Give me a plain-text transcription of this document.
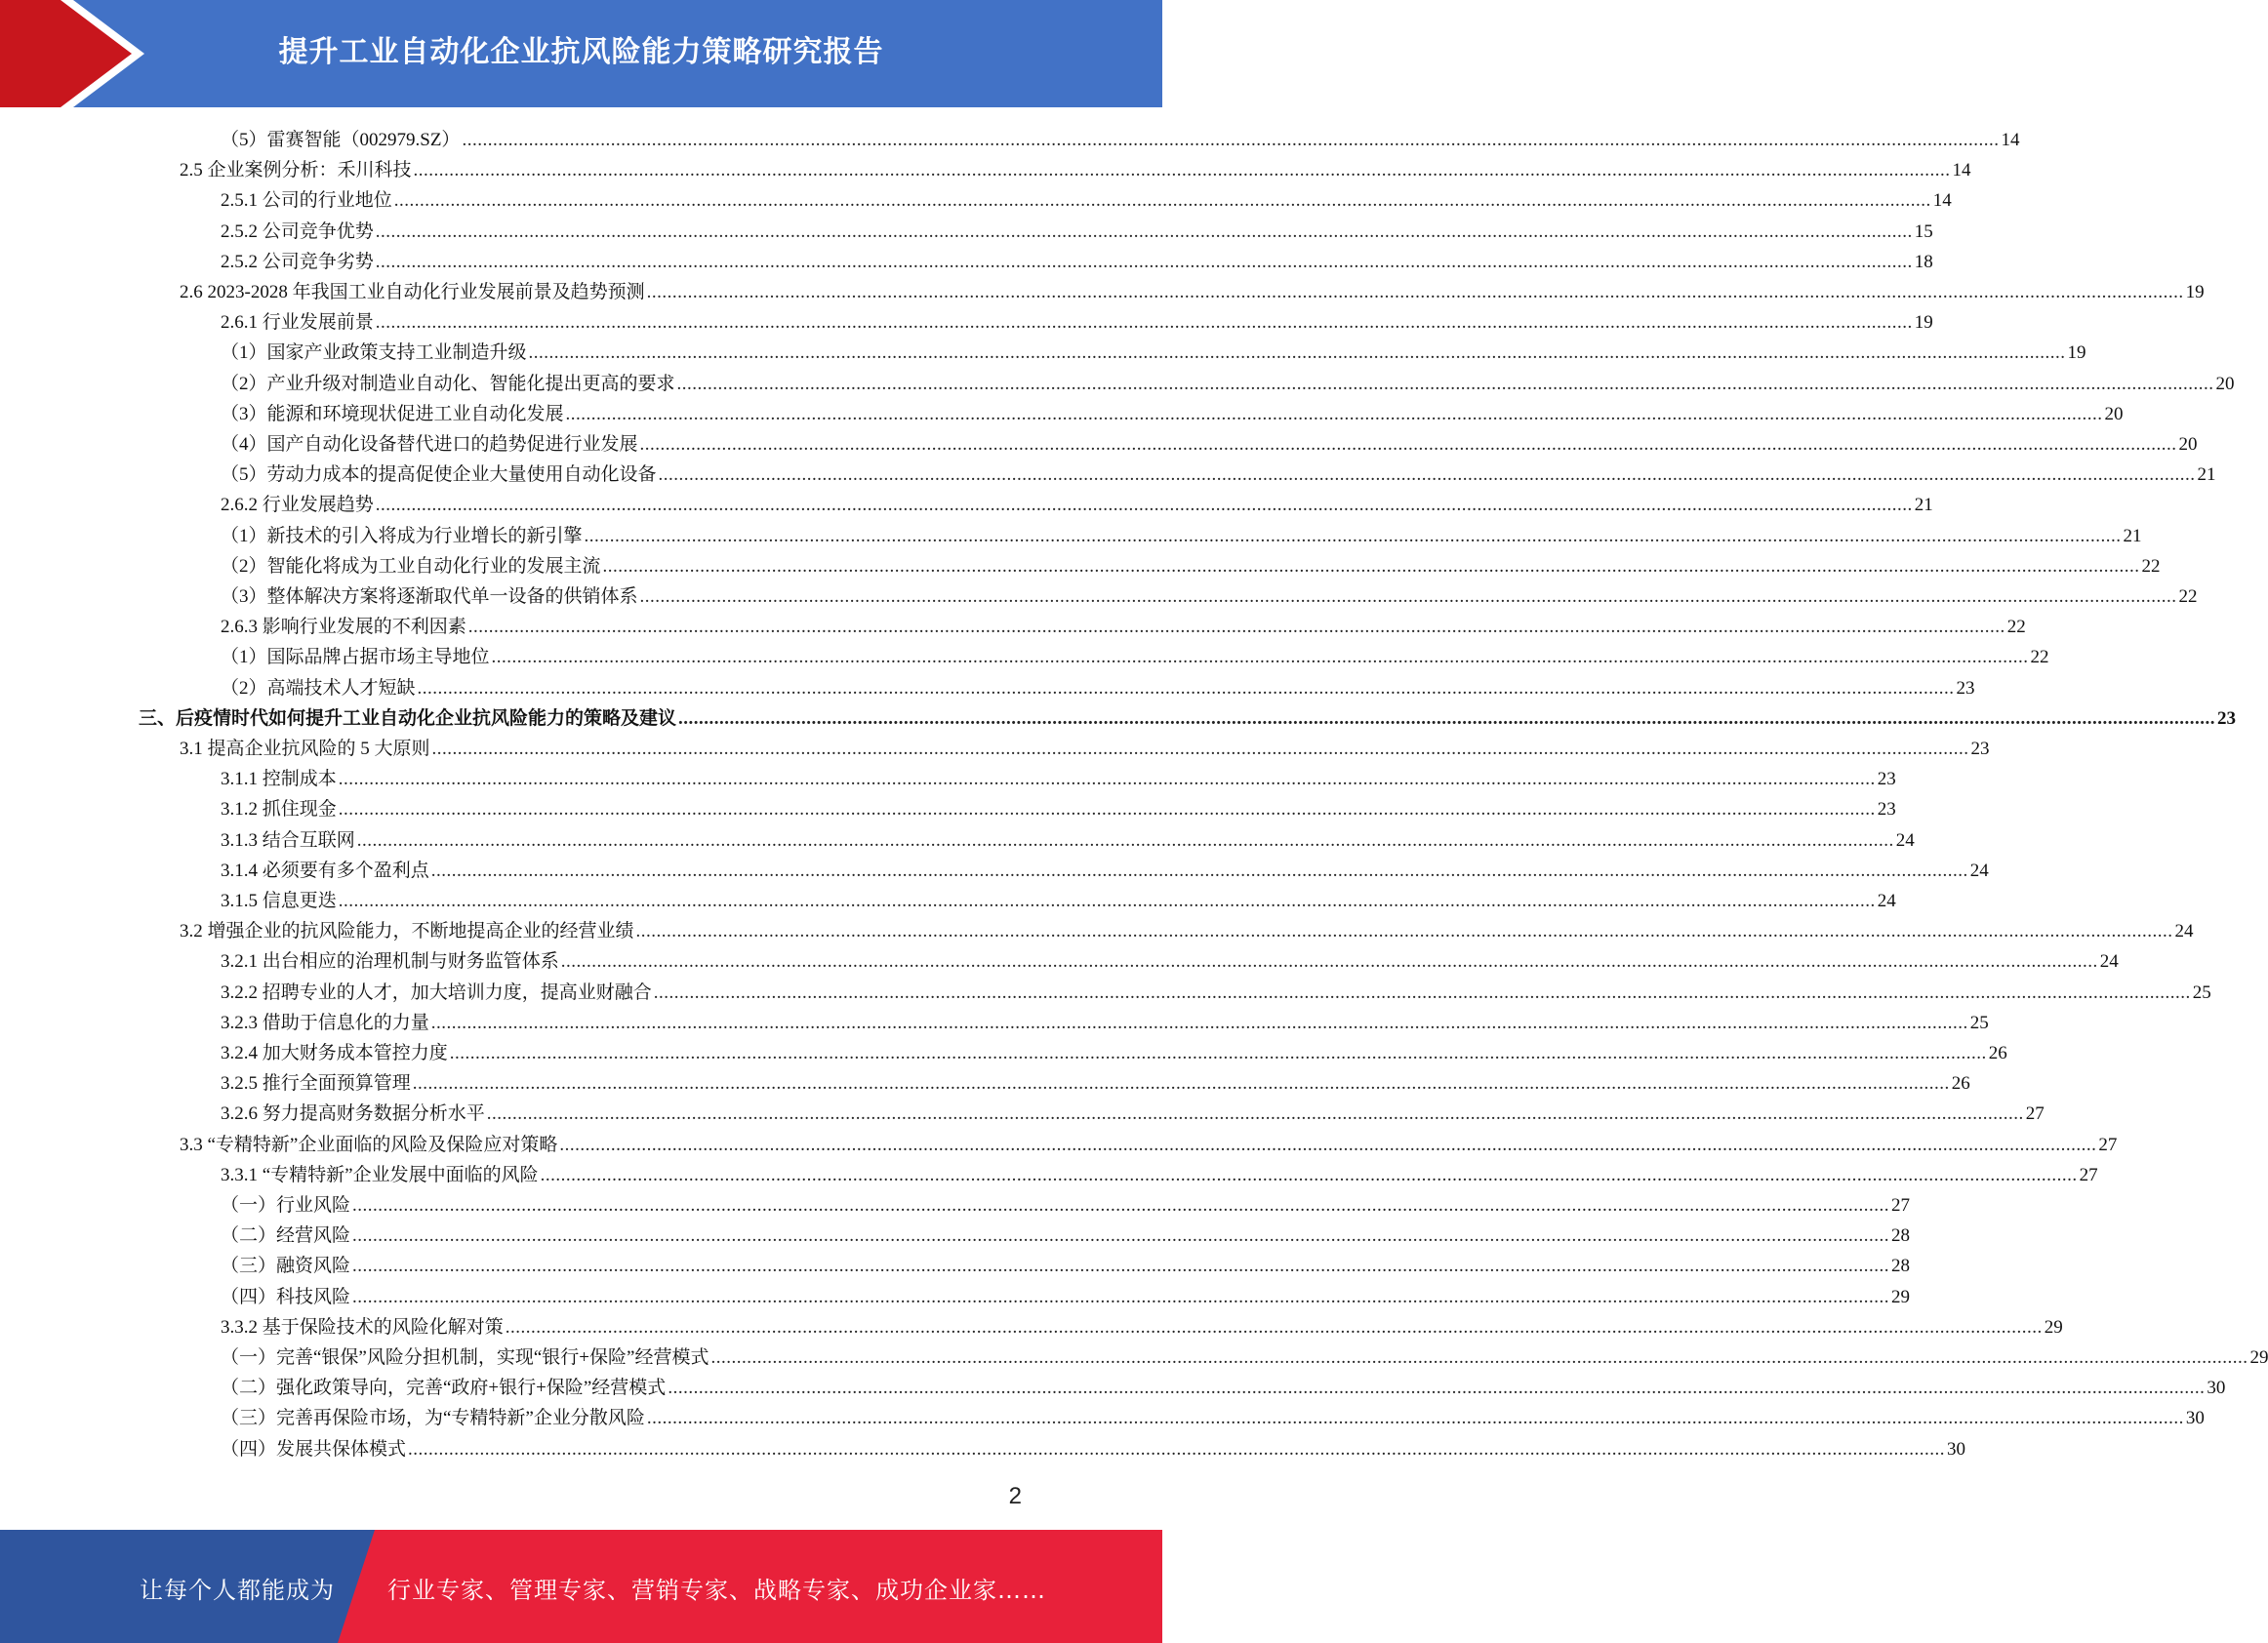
提升工业自动化企业抗风险能力策略研究报告
（5）雷赛智能（002979.SZ） ............................................................................................................................................................................................................................................................................................................ 14
2.5 企业案例分析：禾川科技 ............................................................................................................................................................................................................................................................................................................ 14
2.5.1 公司的行业地位 ............................................................................................................................................................................................................................................................................................................ 14
2.5.2 公司竞争优势 ............................................................................................................................................................................................................................................................................................................ 15
2.5.2 公司竞争劣势 ............................................................................................................................................................................................................................................................................................................ 18
2.6 2023-2028 年我国工业自动化行业发展前景及趋势预测 ............................................................................................................................................................................................................................................................................................................ 19
2.6.1 行业发展前景 ............................................................................................................................................................................................................................................................................................................ 19
（1）国家产业政策支持工业制造升级 ............................................................................................................................................................................................................................................................................................................ 19
（2）产业升级对制造业自动化、智能化提出更高的要求 ............................................................................................................................................................................................................................................................................................................ 20
（3）能源和环境现状促进工业自动化发展 ............................................................................................................................................................................................................................................................................................................ 20
（4）国产自动化设备替代进口的趋势促进行业发展 ............................................................................................................................................................................................................................................................................................................ 20
（5）劳动力成本的提高促使企业大量使用自动化设备 ............................................................................................................................................................................................................................................................................................................ 21
2.6.2 行业发展趋势 ............................................................................................................................................................................................................................................................................................................ 21
（1）新技术的引入将成为行业增长的新引擎 ............................................................................................................................................................................................................................................................................................................ 21
（2）智能化将成为工业自动化行业的发展主流 ............................................................................................................................................................................................................................................................................................................ 22
（3）整体解决方案将逐渐取代单一设备的供销体系 ............................................................................................................................................................................................................................................................................................................ 22
2.6.3 影响行业发展的不利因素 ............................................................................................................................................................................................................................................................................................................ 22
（1）国际品牌占据市场主导地位 ............................................................................................................................................................................................................................................................................................................ 22
（2）高端技术人才短缺 ............................................................................................................................................................................................................................................................................................................ 23
三、后疫情时代如何提升工业自动化企业抗风险能力的策略及建议 ............................................................................................................................................................................................................................................................................................................ 23
3.1 提高企业抗风险的 5 大原则 ............................................................................................................................................................................................................................................................................................................ 23
3.1.1 控制成本 ............................................................................................................................................................................................................................................................................................................ 23
3.1.2 抓住现金 ............................................................................................................................................................................................................................................................................................................ 23
3.1.3 结合互联网 ............................................................................................................................................................................................................................................................................................................ 24
3.1.4 必须要有多个盈利点 ............................................................................................................................................................................................................................................................................................................ 24
3.1.5 信息更迭 ............................................................................................................................................................................................................................................................................................................ 24
3.2 增强企业的抗风险能力，不断地提高企业的经营业绩 ............................................................................................................................................................................................................................................................................................................ 24
3.2.1 出台相应的治理机制与财务监管体系 ............................................................................................................................................................................................................................................................................................................ 24
3.2.2 招聘专业的人才，加大培训力度，提高业财融合 ............................................................................................................................................................................................................................................................................................................ 25
3.2.3 借助于信息化的力量 ............................................................................................................................................................................................................................................................................................................ 25
3.2.4 加大财务成本管控力度 ............................................................................................................................................................................................................................................................................................................ 26
3.2.5 推行全面预算管理 ............................................................................................................................................................................................................................................................................................................ 26
3.2.6 努力提高财务数据分析水平 ............................................................................................................................................................................................................................................................................................................ 27
3.3 “专精特新”企业面临的风险及保险应对策略 ............................................................................................................................................................................................................................................................................................................ 27
3.3.1 “专精特新”企业发展中面临的风险 ............................................................................................................................................................................................................................................................................................................ 27
（一）行业风险 ............................................................................................................................................................................................................................................................................................................ 27
（二）经营风险 ............................................................................................................................................................................................................................................................................................................ 28
（三）融资风险 ............................................................................................................................................................................................................................................................................................................ 28
（四）科技风险 ............................................................................................................................................................................................................................................................................................................ 29
3.3.2 基于保险技术的风险化解对策 ............................................................................................................................................................................................................................................................................................................ 29
（一）完善“银保”风险分担机制，实现“银行+保险”经营模式 ............................................................................................................................................................................................................................................................................................................ 29
（二）强化政策导向，完善“政府+银行+保险”经营模式 ............................................................................................................................................................................................................................................................................................................ 30
（三）完善再保险市场，为“专精特新”企业分散风险 ............................................................................................................................................................................................................................................................................................................ 30
（四）发展共保体模式 ............................................................................................................................................................................................................................................................................................................ 30
2
让每个人都能成为 行业专家、管理专家、营销专家、战略专家、成功企业家……
